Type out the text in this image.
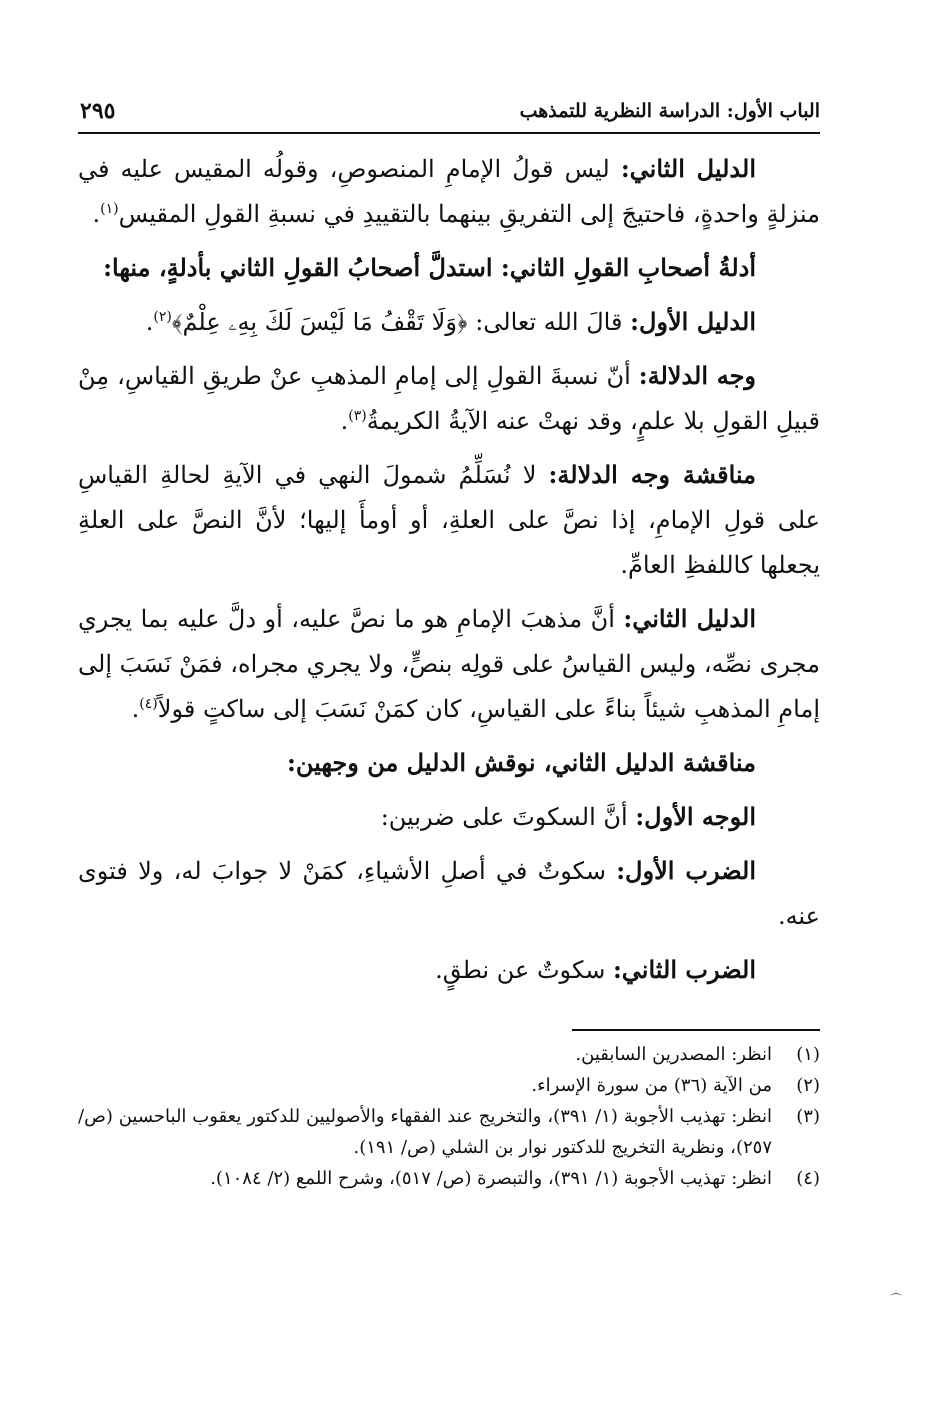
الباب الأول: الدراسة النظرية للتمذهب
٢٩٥

الدليل الثاني: ليس قولُ الإمامِ المنصوصِ، وقولُه المقيس عليه في منزلةٍ واحدةٍ، فاحتيجَ إلى التفريقِ بينهما بالتقييدِ في نسبةِ القولِ المقيس$^{(١)}$.

أدلةُ أصحابِ القولِ الثاني: استدلَّ أصحابُ القولِ الثاني بأدلةٍ، منها:

الدليل الأول: قالَ الله تعالى: ﴿وَلَا تَقْفُ مَا لَيْسَ لَكَ بِهِۦ عِلْمٌ﴾$^{(٢)}$.

وجه الدلالة: أنّ نسبةَ القولِ إلى إمامِ المذهبِ عنْ طريقِ القياسِ، مِنْ قبيلِ القولِ بلا علمٍ، وقد نهتْ عنه الآيةُ الكريمةُ$^{(٣)}$.

مناقشة وجه الدلالة: لا نُسَلِّمُ شمولَ النهي في الآيةِ لحالةِ القياسِ على قولِ الإمامِ، إذا نصَّ على العلةِ، أو أومأَ إليها؛ لأنَّ النصَّ على العلةِ يجعلها كاللفظِ العامِّ.

الدليل الثاني: أنَّ مذهبَ الإمامِ هو ما نصَّ عليه، أو دلَّ عليه بما يجري مجرى نصِّه، وليس القياسُ على قولِه بنصٍّ، ولا يجري مجراه، فمَنْ نَسَبَ إلى إمامِ المذهبِ شيئاً بناءً على القياسِ، كان كمَنْ نَسَبَ إلى ساكتٍ قولاً$^{(٤)}$.

مناقشة الدليل الثاني، نوقش الدليل من وجهين:

الوجه الأول: أنَّ السكوتَ على ضربين:

الضرب الأول: سكوتٌ في أصلِ الأشياءِ، كمَنْ لا جوابَ له، ولا فتوى عنه.

الضرب الثاني: سكوتٌ عن نطقٍ.

(١)
انظر: المصدرين السابقين.
(٢)
من الآية (٣٦) من سورة الإسراء.
(٣)
انظر: تهذيب الأجوبة (١/ ٣٩١)، والتخريج عند الفقهاء والأصوليين للدكتور يعقوب الباحسين (ص/ ٢٥٧)، ونظرية التخريج للدكتور نوار بن الشلي (ص/ ١٩١).
(٤)
انظر: تهذيب الأجوبة (١/ ٣٩١)، والتبصرة (ص/ ٥١٧)، وشرح اللمع (٢/ ١٠٨٤).
